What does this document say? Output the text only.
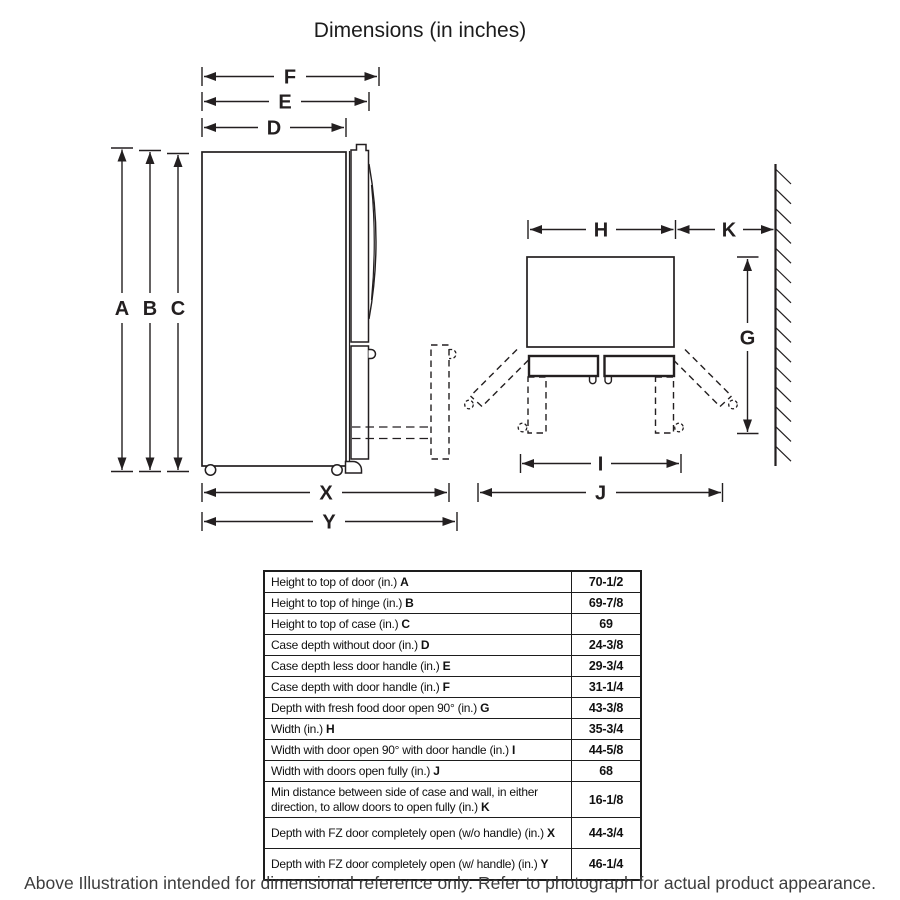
Dimensions (in inches)
F
E
D
A B C
X
Y
H	K
G
I
J
Height to top of door (in.) A	70-1/2
Height to top of hinge (in.) B	69-7/8
Height to top of case (in.) C	69
Case depth without door (in.) D	24-3/8
Case depth less door handle (in.) E	29-3/4
Case depth with door handle (in.) F	31-1/4
Depth with fresh food door open 90° (in.) G	43-3/8
Width (in.) H	35-3/4
Width with door open 90° with door handle (in.) I	44-5/8
Width with doors open fully (in.) J	68
Min distance between side of case and wall, in either direction, to allow doors to open fully (in.) K	16-1/8
Depth with FZ door completely open (w/o handle) (in.) X	44-3/4
Depth with FZ door completely open (w/ handle) (in.) Y	46-1/4
Above Illustration intended for dimensional reference only. Refer to photograph for actual product appearance.
